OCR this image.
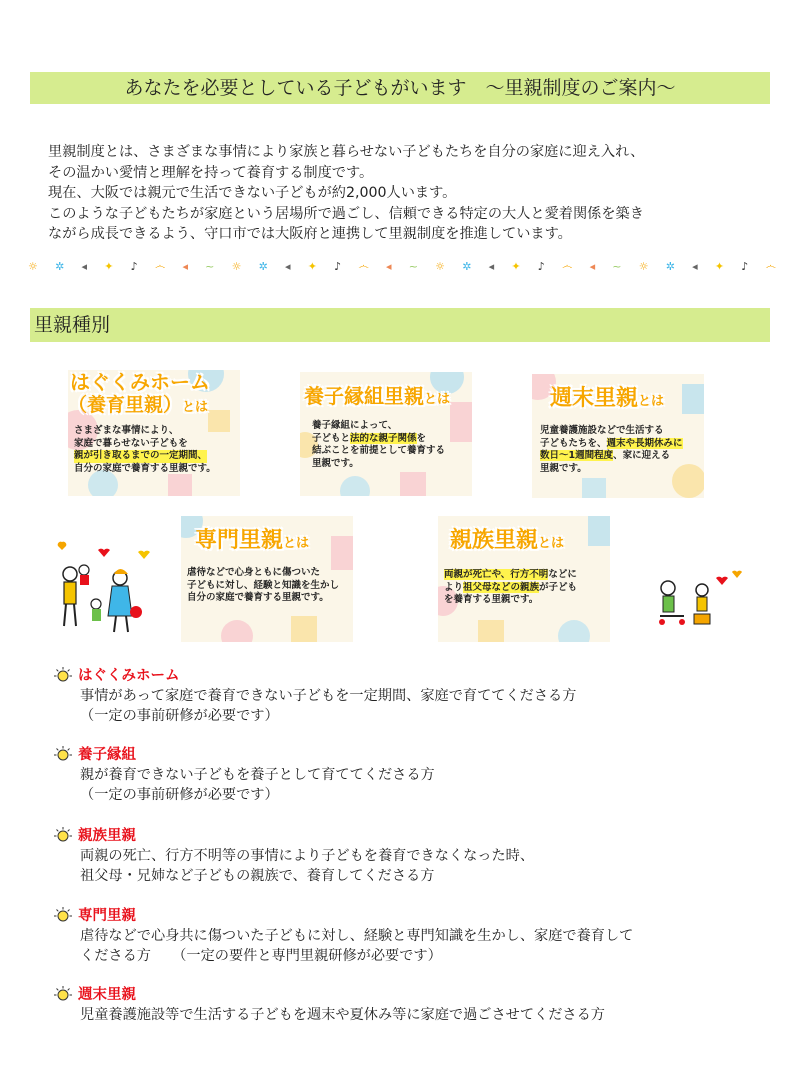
あなたを必要としている子どもがいます　～里親制度のご案内～
里親制度とは、さまざまな事情により家族と暮らせない子どもたちを自分の家庭に迎え入れ、
その温かい愛情と理解を持って養育する制度です。
現在、大阪では親元で生活できない子どもが約2,000人います。
このような子どもたちが家庭という居場所で過ごし、信頼できる特定の大人と愛着関係を築き
ながら成長できるよう、守口市では大阪府と連携して里親制度を推進しています。
☼ ✲ ◂ ✦ ♪ ෴ ◂ ~ ☼ ✲ ◂ ✦ ♪ ෴ ◂ ~ ☼ ✲ ◂ ✦ ♪ ෴ ◂ ~ ☼ ✲ ◂ ✦ ♪ ෴
里親種別
はぐくみホーム
（養育里親）とは
さまざまな事情により、
家庭で暮らせない子どもを
親が引き取るまでの一定期間、
自分の家庭で養育する里親です。
養子縁組里親とは
養子縁組によって、
子どもと法的な親子関係を
結ぶことを前提として養育する
里親です。
週末里親とは
児童養護施設などで生活する
子どもたちを、週末や長期休みに
数日～1週間程度、家に迎える
里親です。
専門里親とは
虐待などで心身ともに傷ついた
子どもに対し、経験と知識を生かし
自分の家庭で養育する里親です。
親族里親とは
両親が死亡や、行方不明などに
より祖父母などの親族が子ども
を養育する里親です。
はぐくみホーム
事情があって家庭で養育できない子どもを一定期間、家庭で育ててくださる方
（一定の事前研修が必要です）
養子縁組
親が養育できない子どもを養子として育ててくださる方
（一定の事前研修が必要です）
親族里親
両親の死亡、行方不明等の事情により子どもを養育できなくなった時、
祖父母・兄姉など子どもの親族で、養育してくださる方
専門里親
虐待などで心身共に傷ついた子どもに対し、経験と専門知識を生かし、家庭で養育して
くださる方　　（一定の要件と専門里親研修が必要です）
週末里親
児童養護施設等で生活する子どもを週末や夏休み等に家庭で過ごさせてくださる方
